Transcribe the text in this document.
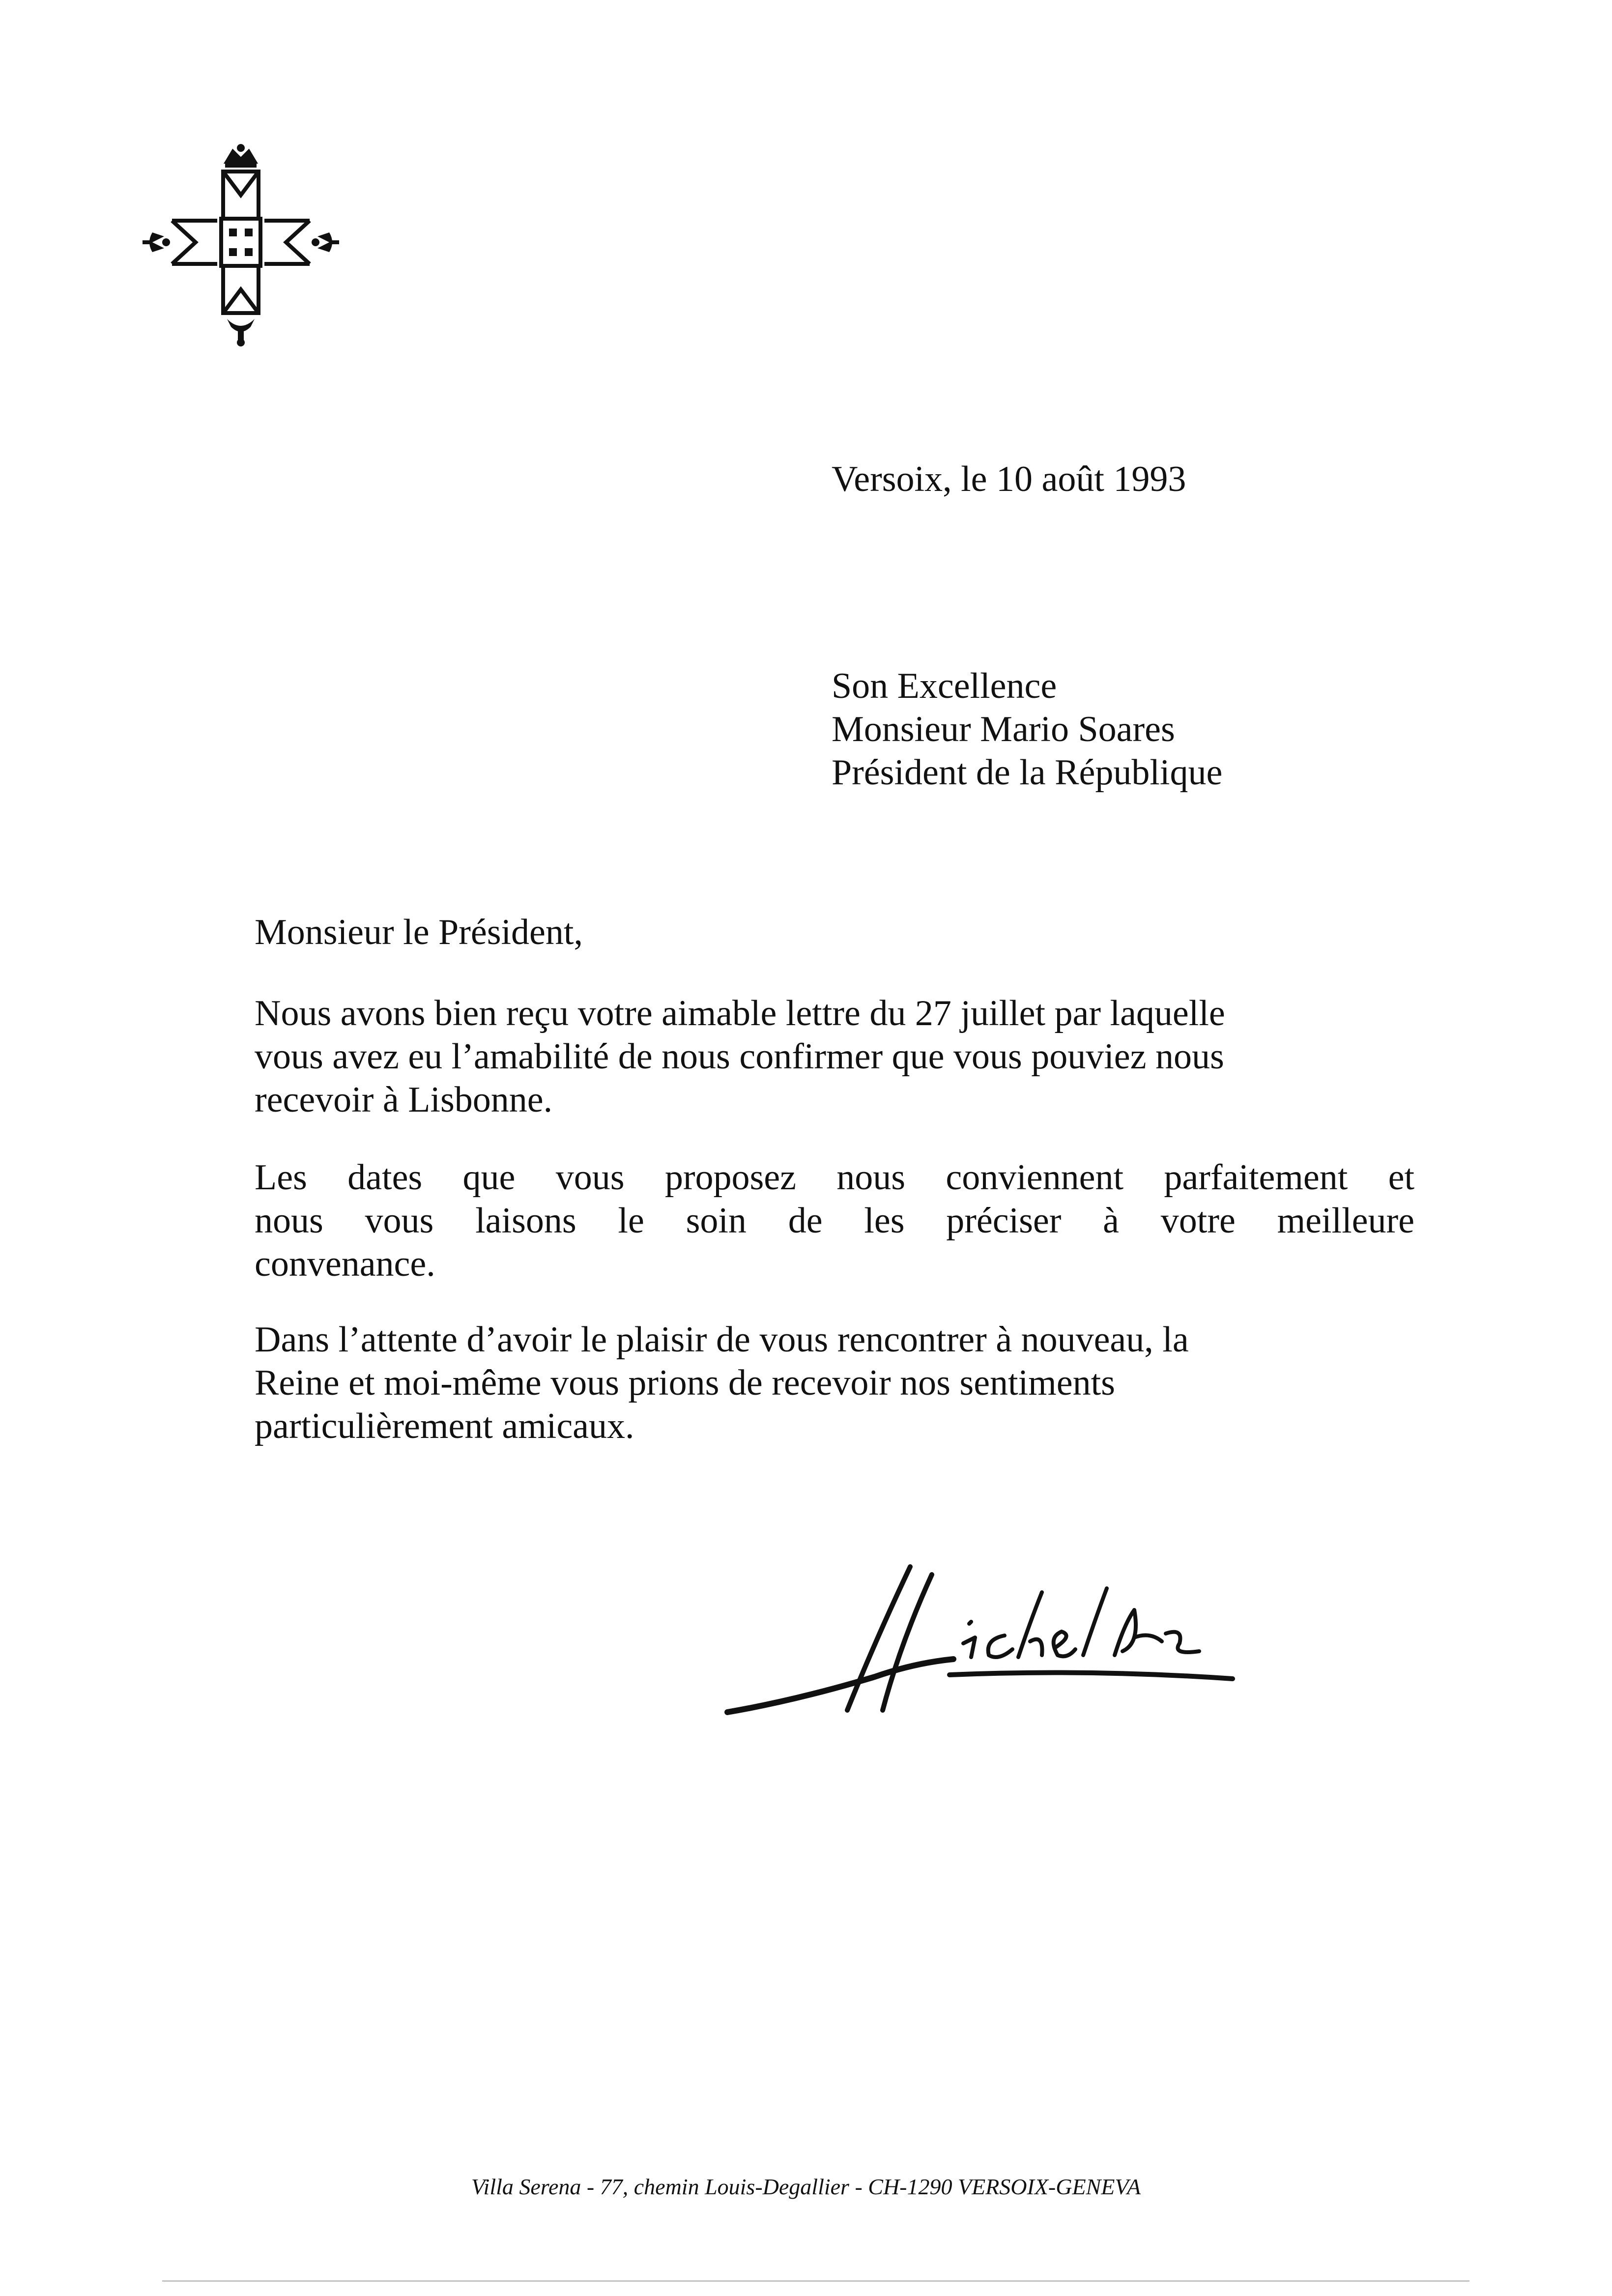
Versoix, le 10 août 1993
Son Excellence
Monsieur Mario Soares
Président de la République
Monsieur le Président,
Nous avons bien reçu votre aimable lettre du 27 juillet par laquelle
vous avez eu l’amabilité de nous confirmer que vous pouviez nous
recevoir à Lisbonne.
Les dates que vous proposez nous conviennent parfaitement et
nous vous laisons le soin de les préciser à votre meilleure
convenance.
Dans l’attente d’avoir le plaisir de vous rencontrer à nouveau, la
Reine et moi-même vous prions de recevoir nos sentiments
particulièrement amicaux.
Villa Serena - 77, chemin Louis-Degallier - CH-1290 VERSOIX-GENEVA
